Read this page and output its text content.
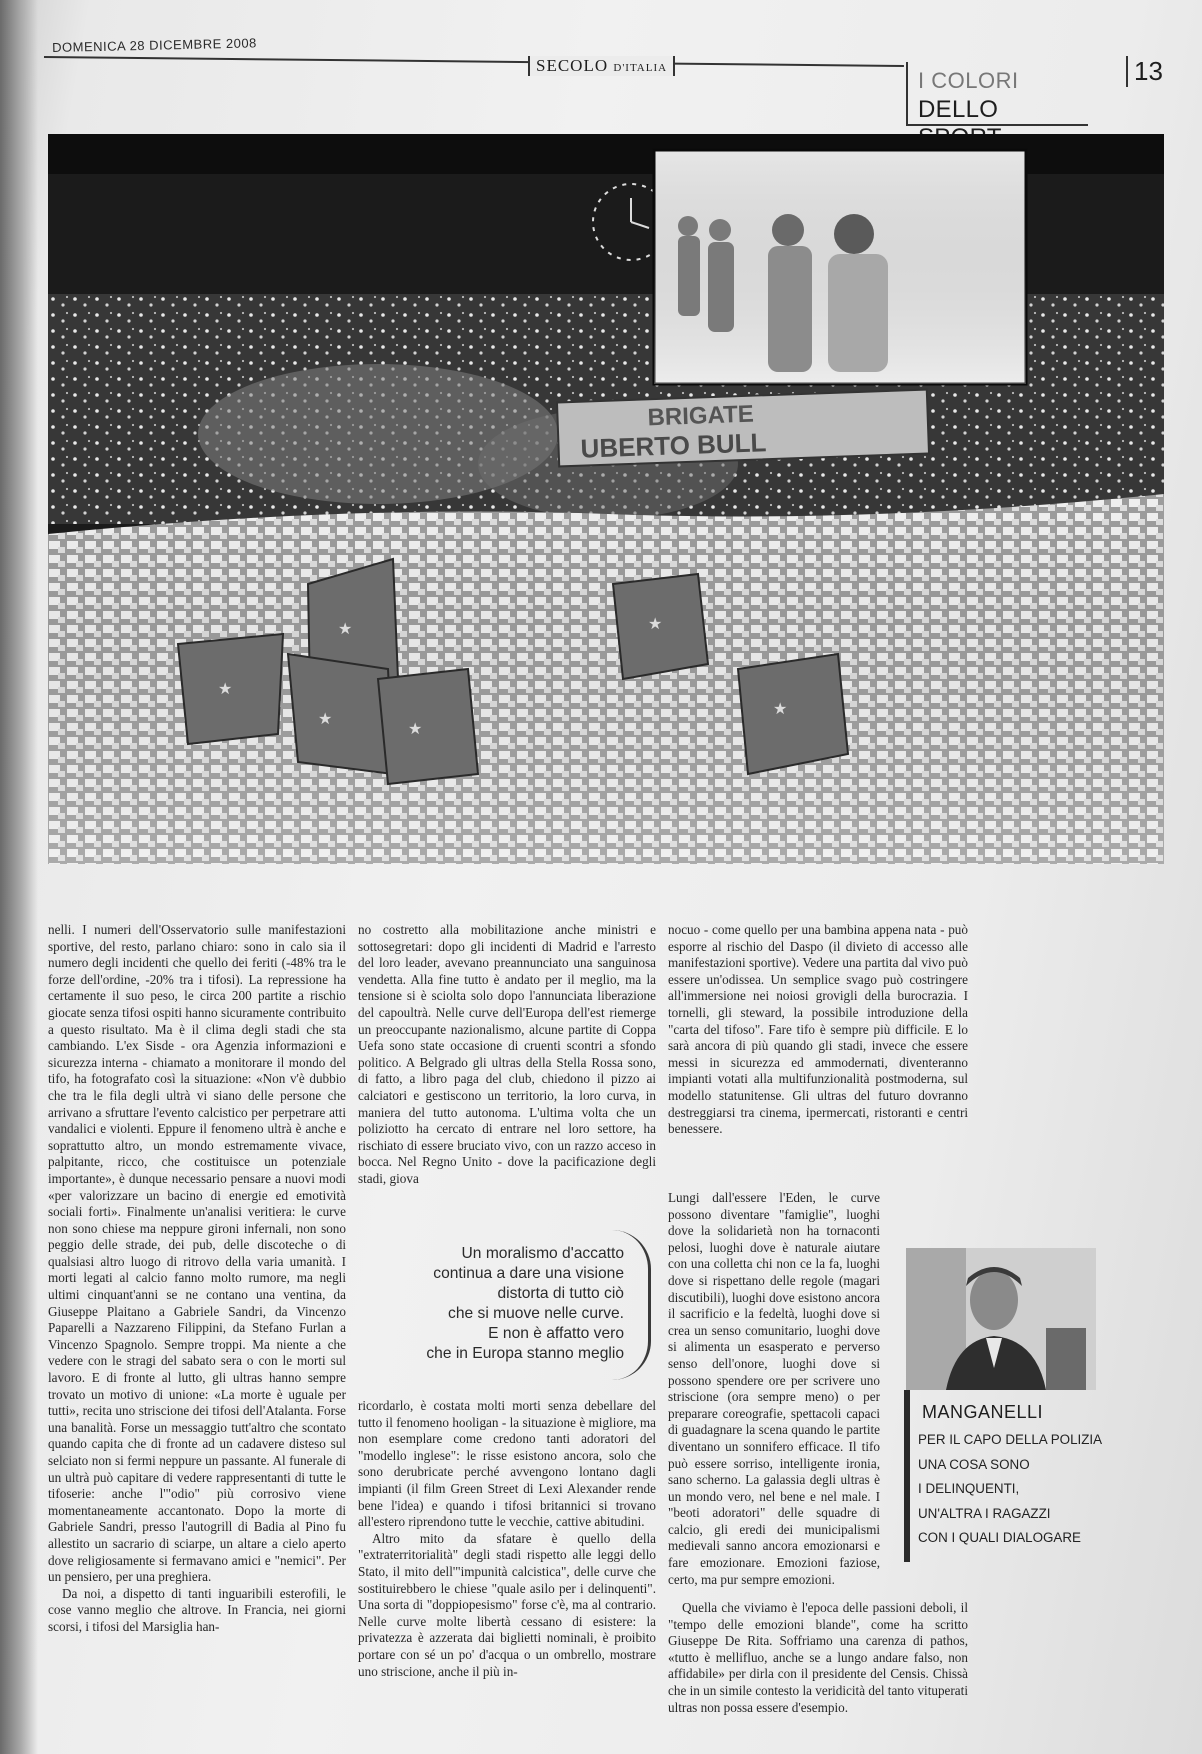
DOMENICA 28 DICEMBRE 2008
SECOLO D'ITALIA	I COLORI
DELLO
13
BRIGATE
UBERTO BULL
★
★
★
★
★
★

nelli. I numeri dell'Osservatorio sulle manifestazioni sportive, del resto, parlano chiaro: sono in calo sia il numero degli incidenti che quello dei feriti (-48% tra le forze dell'ordine, -20% tra i tifosi). La repressione ha certamente il suo peso, le circa 200 partite a rischio giocate senza tifosi ospiti hanno sicuramente contribuito a questo risultato. Ma è il clima degli stadi che sta cambiando. L'ex Sisde - ora Agenzia informazioni e sicurezza interna - chiamato a monitorare il mondo del tifo, ha fotografato così la situazione: «Non v'è dubbio che tra le fila degli ultrà vi siano delle persone che arrivano a sfruttare l'evento calcistico per perpetrare atti vandalici e violenti. Eppure il fenomeno ultrà è anche e soprattutto altro, un mondo estremamente vivace, palpitante, ricco, che costituisce un potenziale importante», è dunque necessario pensare a nuovi modi «per valorizzare un bacino di energie ed emotività sociali forti». Finalmente un'analisi veritiera: le curve non sono chiese ma neppure gironi infernali, non sono peggio delle strade, dei pub, delle discoteche o di qualsiasi altro luogo di ritrovo della varia umanità. I morti legati al calcio fanno molto rumore, ma negli ultimi cinquant'anni se ne contano una ventina, da Giuseppe Plaitano a Gabriele Sandri, da Vincenzo Paparelli a Nazzareno Filippini, da Stefano Furlan a Vincenzo Spagnolo. Sempre troppi. Ma niente a che vedere con le stragi del sabato sera o con le morti sul lavoro. E di fronte al lutto, gli ultras hanno sempre trovato un motivo di unione: «La morte è uguale per tutti», recita uno striscione dei tifosi dell'Atalanta. Forse una banalità. Forse un messaggio tutt'altro che scontato quando capita che di fronte ad un cadavere disteso sul selciato non si fermi neppure un passante. Al funerale di un ultrà può capitare di vedere rappresentanti di tutte le tifoserie: anche l'"odio" più corrosivo viene momentaneamente accantonato. Dopo la morte di Gabriele Sandri, presso l'autogrill di Badia al Pino fu allestito un sacrario di sciarpe, un altare a cielo aperto dove religiosamente si fermavano amici e "nemici". Per un pensiero, per una preghiera.

Da noi, a dispetto di tanti inguaribili esterofili, le cose vanno meglio che altrove. In Francia, nei giorni scorsi, i tifosi del Marsiglia han-

no costretto alla mobilitazione anche ministri e sottosegretari: dopo gli incidenti di Madrid e l'arresto del loro leader, avevano preannunciato una sanguinosa vendetta. Alla fine tutto è andato per il meglio, ma la tensione si è sciolta solo dopo l'annunciata liberazione del capoultrà. Nelle curve dell'Europa dell'est riemerge un preoccupante nazionalismo, alcune partite di Coppa Uefa sono state occasione di cruenti scontri a sfondo politico. A Belgrado gli ultras della Stella Rossa sono, di fatto, a libro paga del club, chiedono il pizzo ai calciatori e gestiscono un territorio, la loro curva, in maniera del tutto autonoma. L'ultima volta che un poliziotto ha cercato di entrare nel loro settore, ha rischiato di essere bruciato vivo, con un razzo acceso in bocca. Nel Regno Unito - dove la pacificazione degli stadi, giova

Un moralismo d'accatto
continua a dare una visione
distorta di tutto ciò
che si muove nelle curve.
E non è affatto vero
che in Europa stanno meglio

ricordarlo, è costata molti morti senza debellare del tutto il fenomeno hooligan - la situazione è migliore, ma non esemplare come credono tanti adoratori del "modello inglese": le risse esistono ancora, solo che sono derubricate perché avvengono lontano dagli impianti (il film Green Street di Lexi Alexander rende bene l'idea) e quando i tifosi britannici si trovano all'estero riprendono tutte le vecchie, cattive abitudini.

Altro mito da sfatare è quello della "extraterritorialità" degli stadi rispetto alle leggi dello Stato, il mito dell'"impunità calcistica", delle curve che sostituirebbero le chiese "quale asilo per i delinquenti". Una sorta di "doppiopesismo" forse c'è, ma al contrario. Nelle curve molte libertà cessano di esistere: la privatezza è azzerata dai biglietti nominali, è proibito portare con sé un po' d'acqua o un ombrello, mostrare uno striscione, anche il più in-

nocuo - come quello per una bambina appena nata - può esporre al rischio del Daspo (il divieto di accesso alle manifestazioni sportive). Vedere una partita dal vivo può essere un'odissea. Un semplice svago può costringere all'immersione nei noiosi grovigli della burocrazia. I tornelli, gli steward, la possibile introduzione della "carta del tifoso". Fare tifo è sempre più difficile. E lo sarà ancora di più quando gli stadi, invece che essere messi in sicurezza ed ammodernati, diventeranno impianti votati alla multifunzionalità postmoderna, sul modello statunitense. Gli ultras del futuro dovranno destreggiarsi tra cinema, ipermercati, ristoranti e centri benessere.

Lungi dall'essere l'Eden, le curve possono diventare "famiglie", luoghi dove la solidarietà non ha tornaconti pelosi, luoghi dove è naturale aiutare con una colletta chi non ce la fa, luoghi dove si rispettano delle regole (magari discutibili), luoghi dove esistono ancora il sacrificio e la fedeltà, luoghi dove si crea un senso comunitario, luoghi dove si alimenta un esasperato e perverso senso dell'onore, luoghi dove si possono spendere ore per scrivere uno striscione (ora sempre meno) o per preparare coreografie, spettacoli capaci di guadagnare la scena quando le partite diventano un sonnifero efficace. Il tifo può essere sorriso, intelligente ironia, sano scherno. La galassia degli ultras è un mondo vero, nel bene e nel male. I "beoti adoratori" delle squadre di calcio, gli eredi dei municipalismi medievali sanno ancora emozionarsi e fare emozionare. Emozioni faziose, certo, ma pur sempre emozioni.

Quella che viviamo è l'epoca delle passioni deboli, il "tempo delle emozioni blande", come ha scritto Giuseppe De Rita. Soffriamo una carenza di pathos, «tutto è mellifluo, anche se a lungo andare falso, non affidabile» per dirla con il presidente del Censis. Chissà che in un simile contesto la veridicità del tanto vituperati ultras non possa essere d'esempio.

MANGANELLI
PER IL CAPO DELLA POLIZIA
UNA COSA SONO
I DELINQUENTI,
UN'ALTRA I RAGAZZI
CON I QUALI DIALOGARE
